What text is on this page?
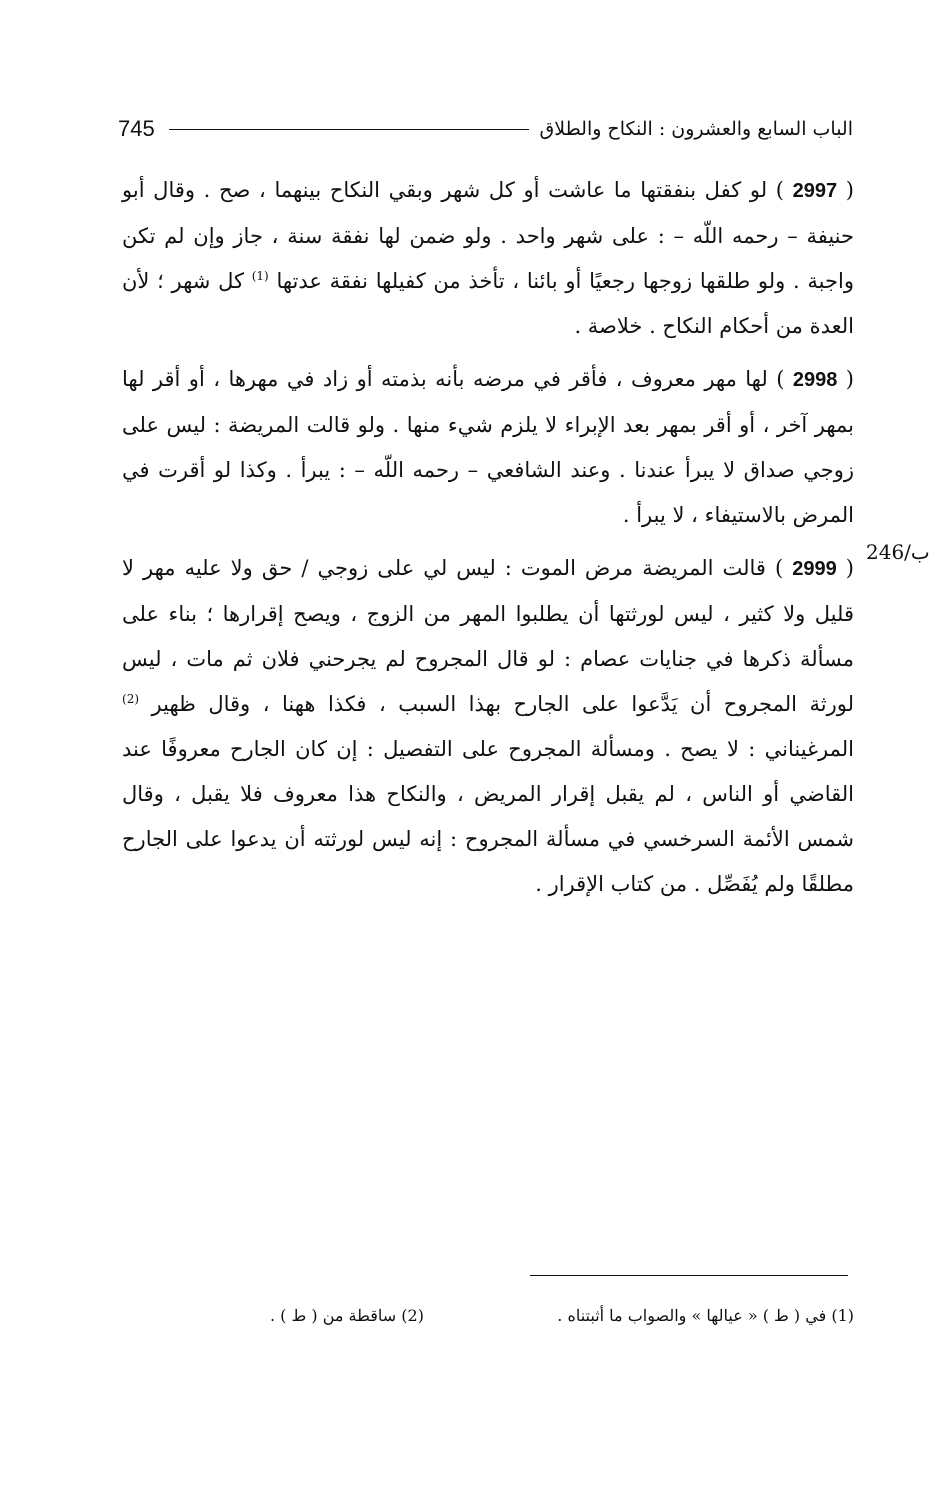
745	الباب السابع والعشرون : النكاح والطلاق
246/ب

( 2997 ) لو كفل بنفقتها ما عاشت أو كل شهر وبقي النكاح بينهما ، صح . وقال أبو حنيفة – رحمه اللّه – : على شهر واحد . ولو ضمن لها نفقة سنة ، جاز وإن لم تكن واجبة . ولو طلقها زوجها رجعيًا أو بائنا ، تأخذ من كفيلها نفقة عدتها $^{(1)}$ كل شهر ؛ لأن العدة من أحكام النكاح . خلاصة .

( 2998 ) لها مهر معروف ، فأقر في مرضه بأنه بذمته أو زاد في مهرها ، أو أقر لها بمهر آخر ، أو أقر بمهر بعد الإبراء لا يلزم شيء منها . ولو قالت المريضة : ليس على زوجي صداق لا يبرأ عندنا . وعند الشافعي – رحمه اللّه – : يبرأ . وكذا لو أقرت في المرض بالاستيفاء ، لا يبرأ .

( 2999 ) قالت المريضة مرض الموت : ليس لي على زوجي / حق ولا عليه مهر لا قليل ولا كثير ، ليس لورثتها أن يطلبوا المهر من الزوج ، ويصح إقرارها ؛ بناء على مسألة ذكرها في جنايات عصام : لو قال المجروح لم يجرحني فلان ثم مات ، ليس لورثة المجروح أن يَدَّعوا على الجارح بهذا السبب ، فكذا ههنا ، وقال ظهير $^{(2)}$ المرغيناني : لا يصح . ومسألة المجروح على التفصيل : إن كان الجارح معروفًا عند القاضي أو الناس ، لم يقبل إقرار المريض ، والنكاح هذا معروف فلا يقبل ، وقال شمس الأئمة السرخسي في مسألة المجروح : إنه ليس لورثته أن يدعوا على الجارح مطلقًا ولم يُفَصِّل . من كتاب الإقرار .

(1) في ( ط ) « عيالها » والصواب ما أثبتناه .
(2) ساقطة من ( ط ) .
